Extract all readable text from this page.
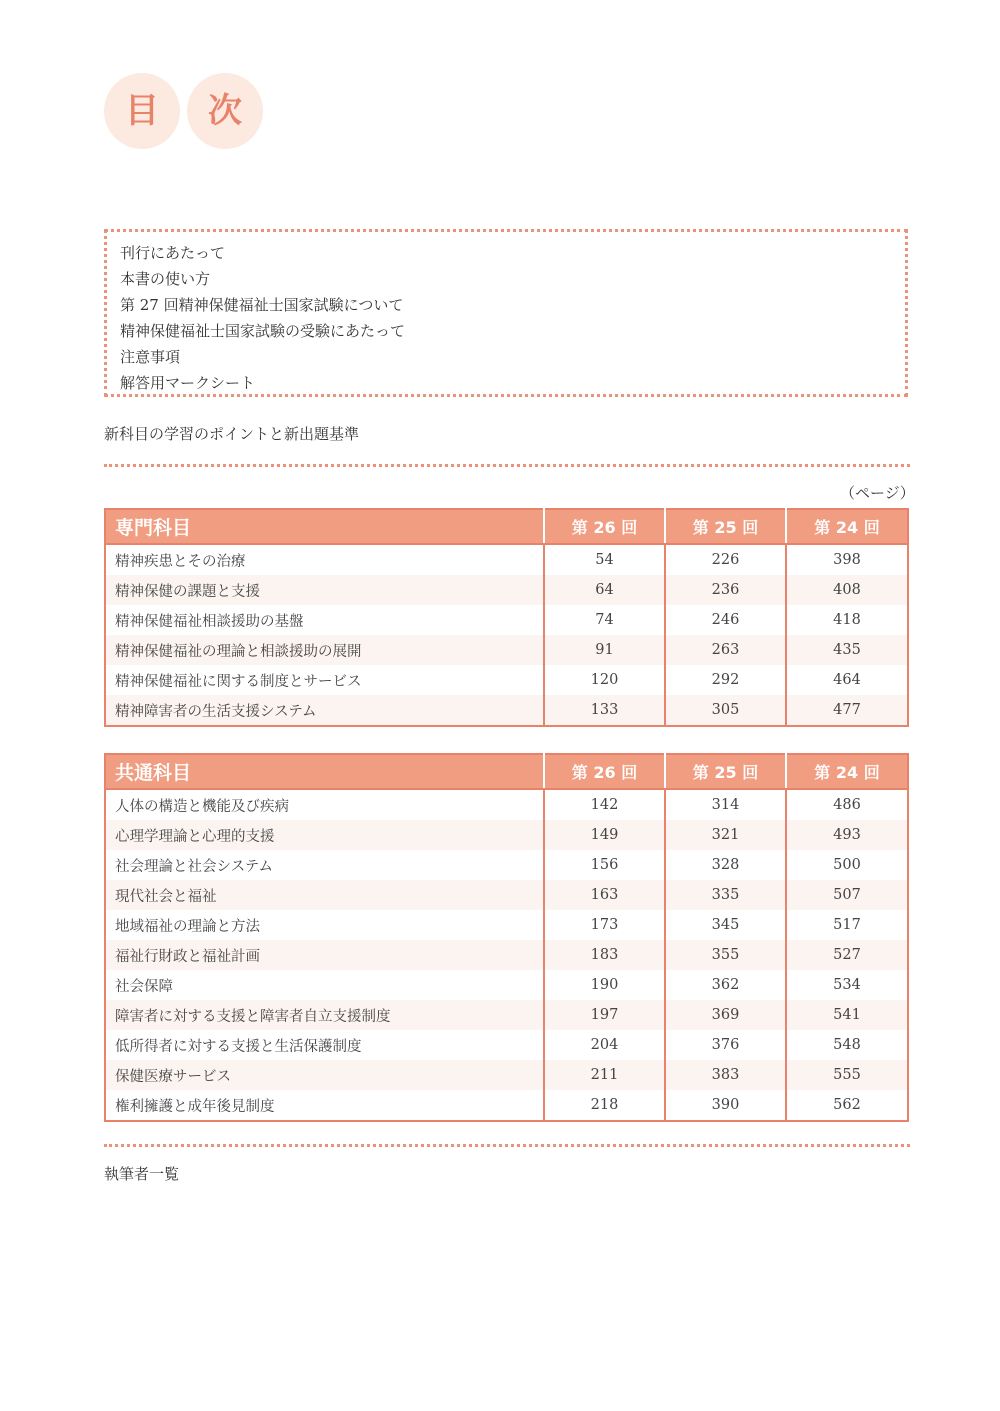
目	次
刊行にあたって
本書の使い方
第 27 回精神保健福祉士国家試験について
精神保健福祉士国家試験の受験にあたって
注意事項
解答用マークシート
新科目の学習のポイントと新出題基準
（ページ）
専門科目	第 26 回	第 25 回	第 24 回
精神疾患とその治療	54	226	398
精神保健の課題と支援	64	236	408
精神保健福祉相談援助の基盤	74	246	418
精神保健福祉の理論と相談援助の展開	91	263	435
精神保健福祉に関する制度とサービス	120	292	464
精神障害者の生活支援システム	133	305	477
共通科目	第 26 回	第 25 回	第 24 回
人体の構造と機能及び疾病	142	314	486
心理学理論と心理的支援	149	321	493
社会理論と社会システム	156	328	500
現代社会と福祉	163	335	507
地域福祉の理論と方法	173	345	517
福祉行財政と福祉計画	183	355	527
社会保障	190	362	534
障害者に対する支援と障害者自立支援制度	197	369	541
低所得者に対する支援と生活保護制度	204	376	548
保健医療サービス	211	383	555
権利擁護と成年後見制度	218	390	562
執筆者一覧
